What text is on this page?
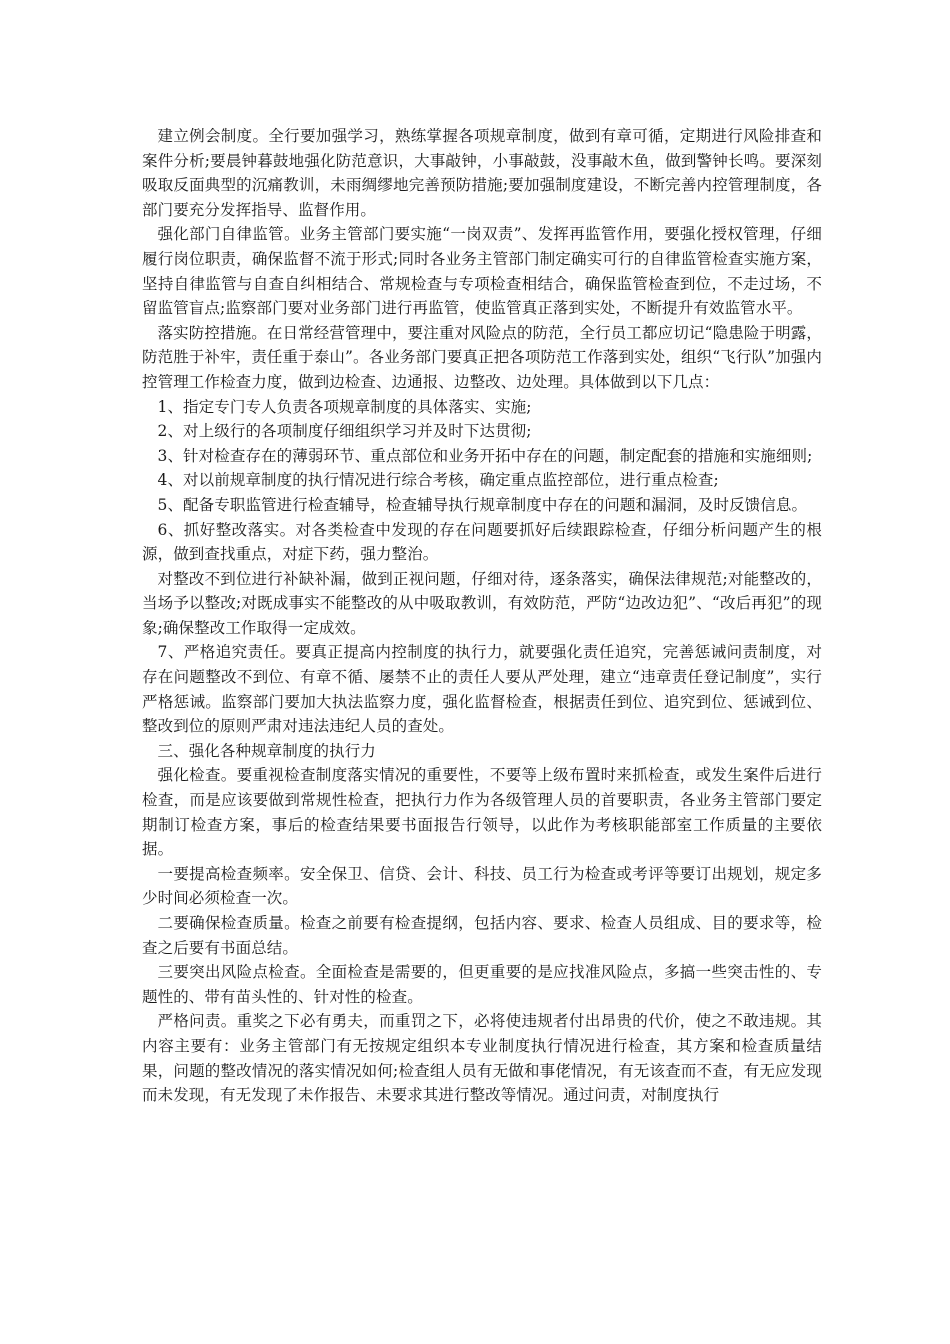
建立例会制度。全行要加强学习，熟练掌握各项规章制度，做到有章可循，定期进行风险排查和案件分析;要晨钟暮鼓地强化防范意识，大事敲钟，小事敲鼓，没事敲木鱼，做到警钟长鸣。要深刻吸取反面典型的沉痛教训，未雨绸缪地完善预防措施;要加强制度建设，不断完善内控管理制度，各部门要充分发挥指导、监督作用。

强化部门自律监管。业务主管部门要实施“一岗双责”、发挥再监管作用，要强化授权管理，仔细履行岗位职责，确保监督不流于形式;同时各业务主管部门制定确实可行的自律监管检查实施方案，坚持自律监管与自查自纠相结合、常规检查与专项检查相结合，确保监管检查到位，不走过场，不留监管盲点;监察部门要对业务部门进行再监管，使监管真正落到实处，不断提升有效监管水平。

落实防控措施。在日常经营管理中，要注重对风险点的防范，全行员工都应切记“隐患险于明露，防范胜于补牢，责任重于泰山”。各业务部门要真正把各项防范工作落到实处，组织“飞行队”加强内控管理工作检查力度，做到边检查、边通报、边整改、边处理。具体做到以下几点：

1、指定专门专人负责各项规章制度的具体落实、实施;

2、对上级行的各项制度仔细组织学习并及时下达贯彻;

3、针对检查存在的薄弱环节、重点部位和业务开拓中存在的问题，制定配套的措施和实施细则;

4、对以前规章制度的执行情况进行综合考核，确定重点监控部位，进行重点检查;

5、配备专职监管进行检查辅导，检查辅导执行规章制度中存在的问题和漏洞，及时反馈信息。

6、抓好整改落实。对各类检查中发现的存在问题要抓好后续跟踪检查，仔细分析问题产生的根源，做到查找重点，对症下药，强力整治。

对整改不到位进行补缺补漏，做到正视问题，仔细对待，逐条落实，确保法律规范;对能整改的，当场予以整改;对既成事实不能整改的从中吸取教训，有效防范，严防“边改边犯”、“改后再犯”的现象;确保整改工作取得一定成效。

7、严格追究责任。要真正提高内控制度的执行力，就要强化责任追究，完善惩诫问责制度，对存在问题整改不到位、有章不循、屡禁不止的责任人要从严处理，建立“违章责任登记制度”，实行严格惩诫。监察部门要加大执法监察力度，强化监督检查，根据责任到位、追究到位、惩诫到位、整改到位的原则严肃对违法违纪人员的查处。

三、强化各种规章制度的执行力

强化检查。要重视检查制度落实情况的重要性，不要等上级布置时来抓检查，或发生案件后进行检查，而是应该要做到常规性检查，把执行力作为各级管理人员的首要职责，各业务主管部门要定期制订检查方案，事后的检查结果要书面报告行领导，以此作为考核职能部室工作质量的主要依据。

一要提高检查频率。安全保卫、信贷、会计、科技、员工行为检查或考评等要订出规划，规定多少时间必须检查一次。

二要确保检查质量。检查之前要有检查提纲，包括内容、要求、检查人员组成、目的要求等，检查之后要有书面总结。

三要突出风险点检查。全面检查是需要的，但更重要的是应找准风险点，多搞一些突击性的、专题性的、带有苗头性的、针对性的检查。

严格问责。重奖之下必有勇夫，而重罚之下，必将使违规者付出昂贵的代价，使之不敢违规。其内容主要有：业务主管部门有无按规定组织本专业制度执行情况进行检查，其方案和检查质量结果，问题的整改情况的落实情况如何;检查组人员有无做和事佬情况，有无该查而不查，有无应发现而未发现，有无发现了未作报告、未要求其进行整改等情况。通过问责，对制度执行
